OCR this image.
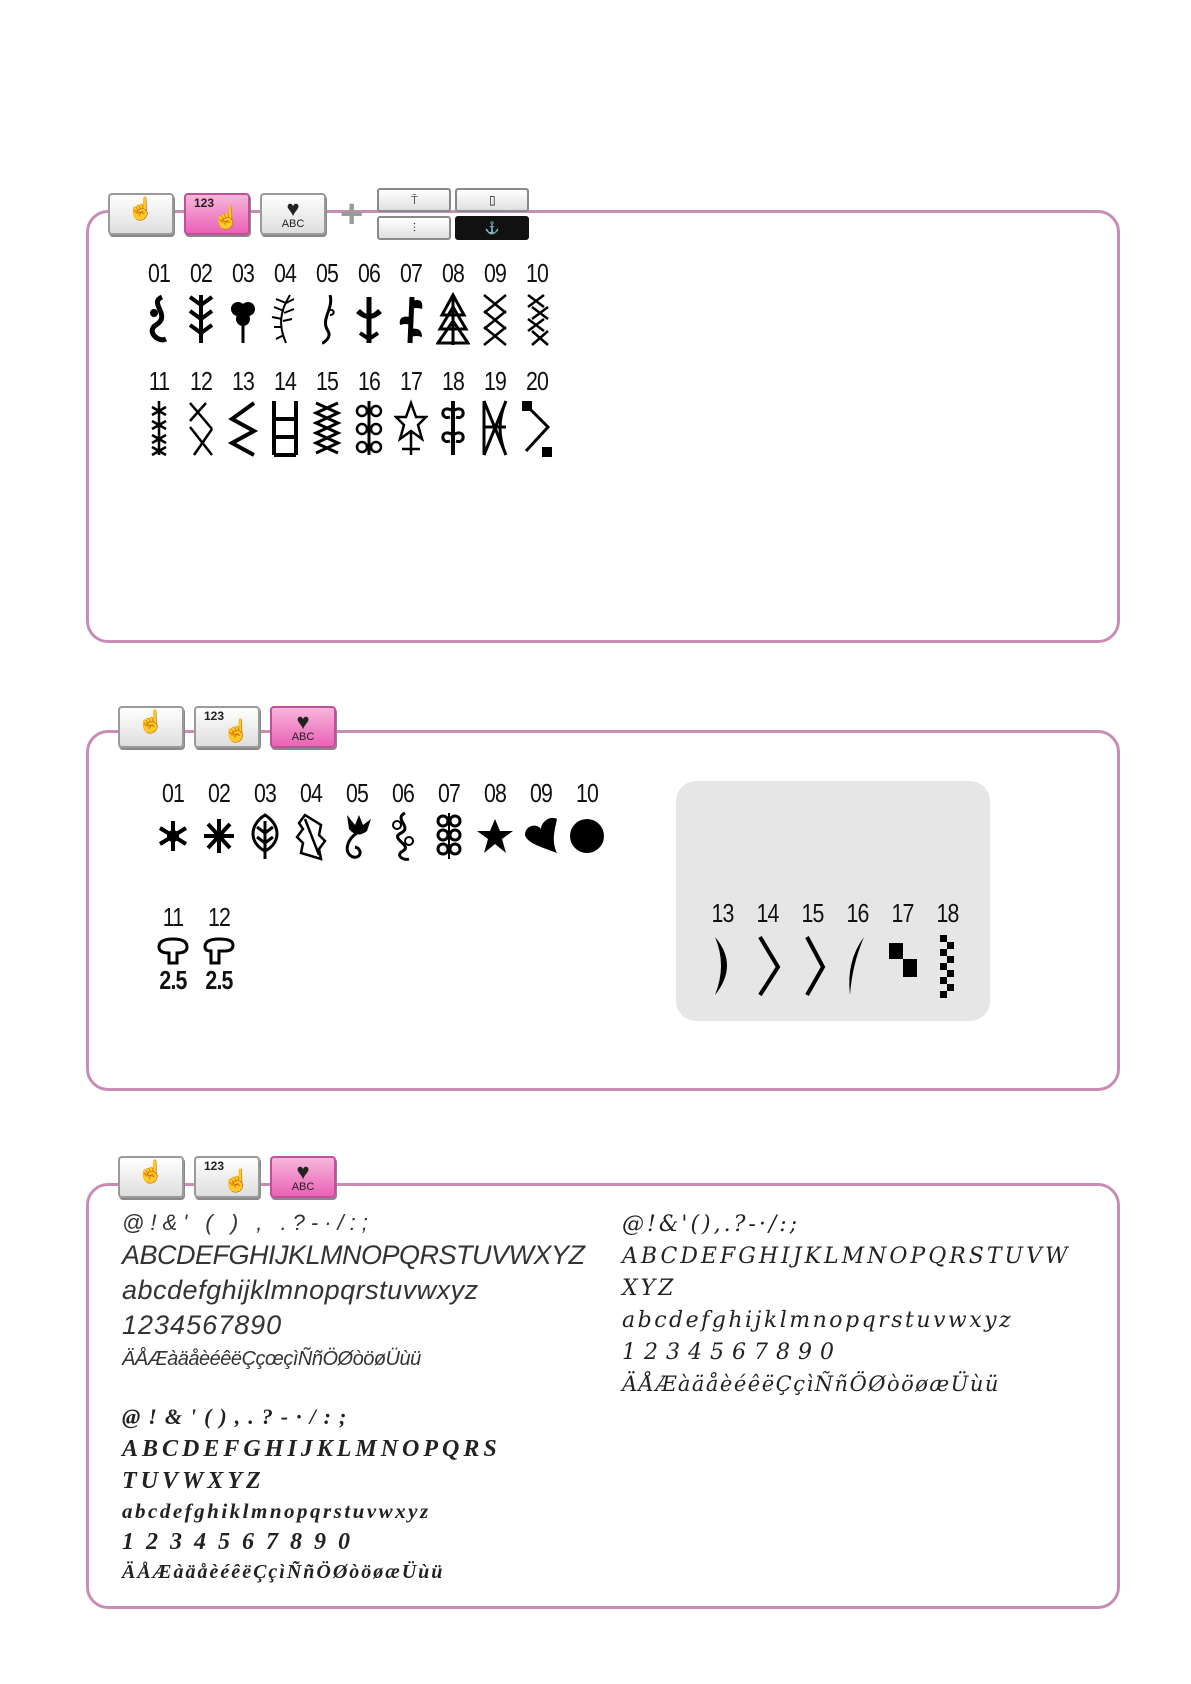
☝	123
☝	♥
ABC +	⍑	▯
⫶	⚓
01 02 03 04 05 06 07 08 09 10
11 12 13 14 15 16 17 18 19 20
☝	123
☝	♥
ABC
01 02 03 04 05 06 07 08 09 10
11
2.5
12
2.5
13 14 15 16 17 18
☝	123
☝	♥
ABC
@!&' ( ) , .?-·/:;
ABCDEFGHIJKLMNOPQRSTUVWXYZ
abcdefghijklmnopqrstuvwxyz
1234567890
ÄÅÆàäåèéêëÇçœçìÑñÖØòöøÜùü
@!&'(),.?-·/:;
ABCDEFGHIJKLMNOPQRSTUVW
XYZ
abcdefghijklmnopqrstuvwxyz
1234567890
ÄÅÆàäåèéêëÇçìÑñÖØòöøæÜùü
@!&'(),.?-·/:;
ABCDEFGHIJKLMNOPQRS
TUVWXYZ
abcdefghiklmnopqrstuvwxyz
1234567890
ÄÅÆàäåèéêëÇçìÑñÖØòöøæÜùü
